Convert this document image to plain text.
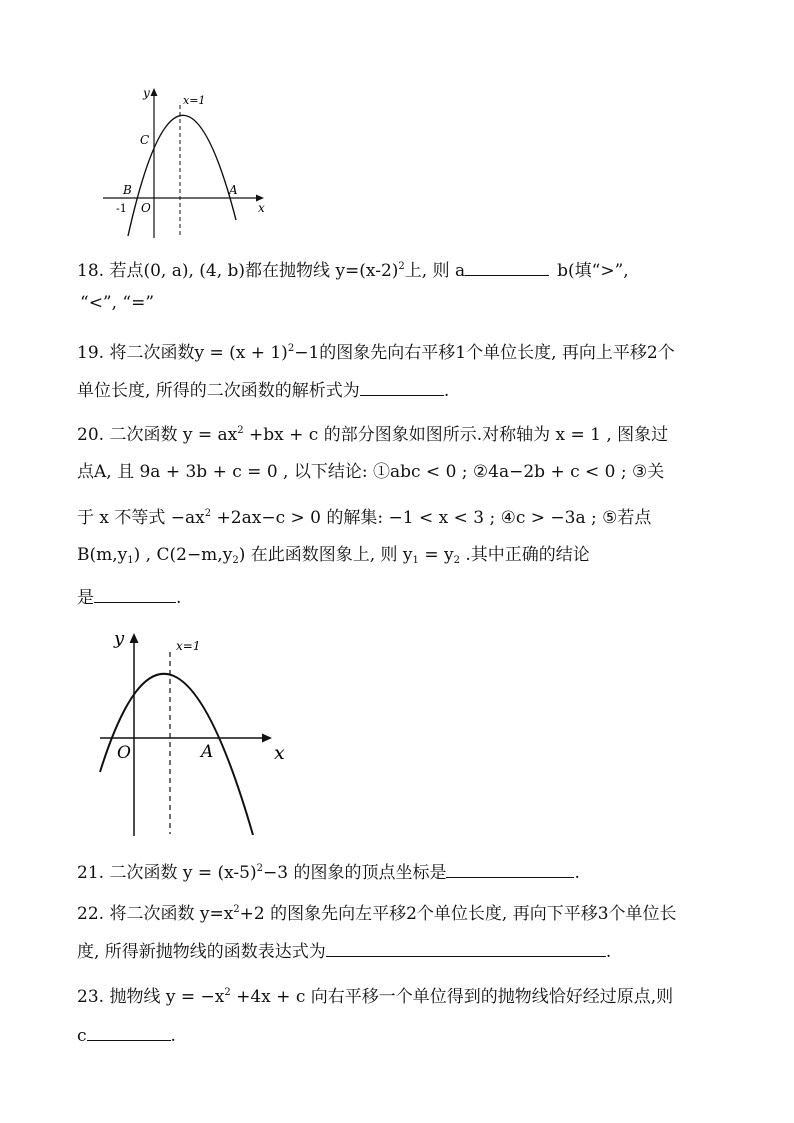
y
x
x=1
C
B	A
-1 O
y
x
x=1
O	A
18. 若点(0, a), (4, b)都在抛物线 $y=(x-2)^2$上, 则 a	b(填“>”,
“<”, “=”
19. 将二次函数$y = (x + 1)^2-1$的图象先向右平移1个单位长度, 再向上平移2个
单位长度, 所得的二次函数的解析式为	.
20. 二次函数 $y = ax^2 +bx + c$ 的部分图象如图所示.对称轴为 x = 1 , 图象过
点A, 且 9a + 3b + c = 0 , 以下结论: ①abc < 0 ; ②4a−2b + c < 0 ; ③关
于 x 不等式 $-ax^2 +2ax-c > 0$ 的解集: −1 < x < 3 ; ④c > −3a ; ⑤若点
$B(m,y_1)$ , $C(2-m,y_2)$ 在此函数图象上, 则 $y_1 = y_2$ .其中正确的结论
是	.
21. 二次函数 $y = (x-5)^2-3$ 的图象的顶点坐标是	.
22. 将二次函数 $y=x^2+2$ 的图象先向左平移2个单位长度, 再向下平移3个单位长
度, 所得新抛物线的函数表达式为	.
23. 抛物线 $y = -x^2 +4x + c$ 向右平移一个单位得到的抛物线恰好经过原点,则
c	.
